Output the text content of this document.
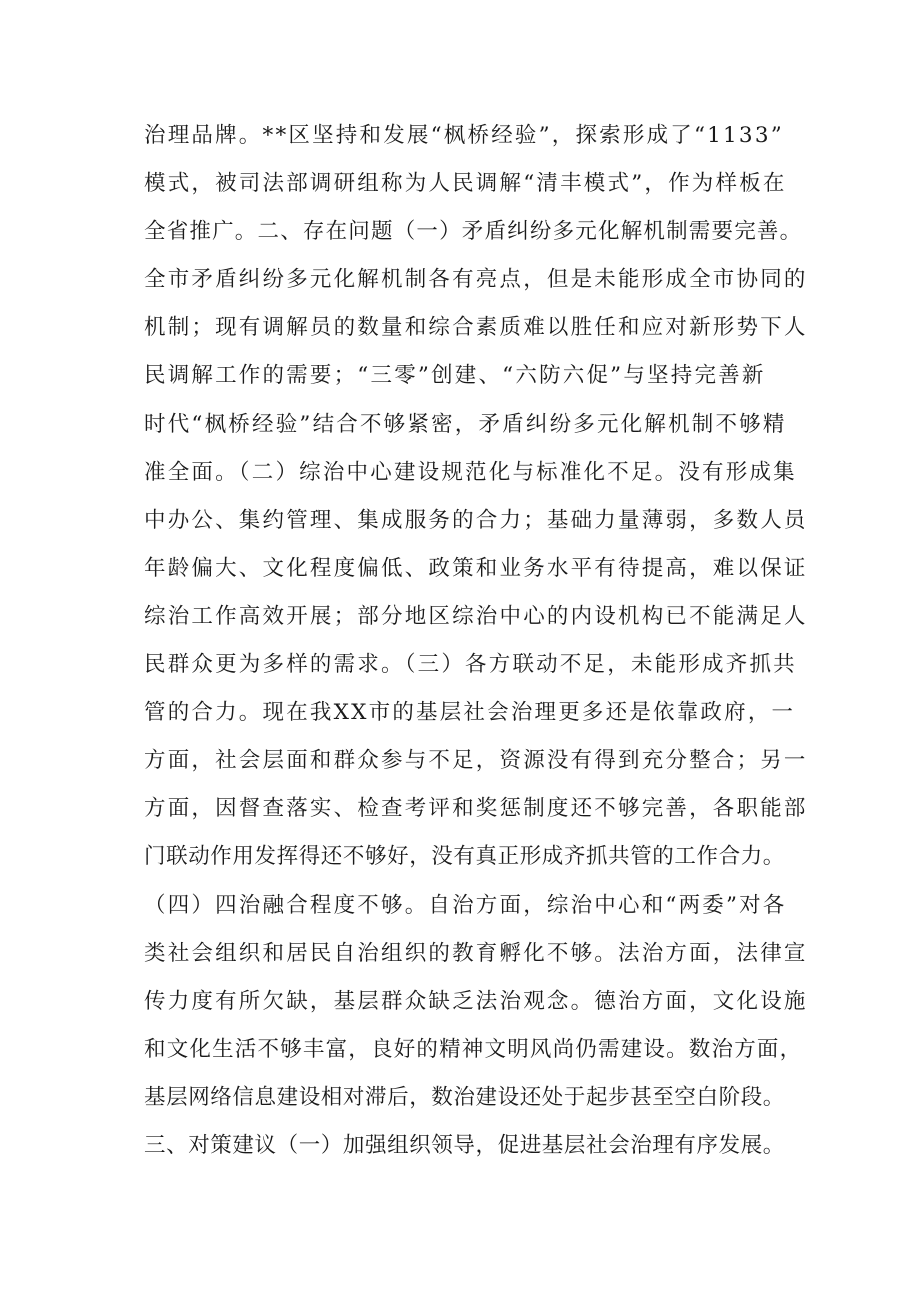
治理品牌。**区坚持和发展“枫桥经验”，探索形成了“1133”
模式，被司法部调研组称为人民调解“清丰模式”，作为样板在
全省推广。二、存在问题（一）矛盾纠纷多元化解机制需要完善。
全市矛盾纠纷多元化解机制各有亮点，但是未能形成全市协同的
机制；现有调解员的数量和综合素质难以胜任和应对新形势下人
民调解工作的需要；“三零”创建、“六防六促”与坚持完善新
时代“枫桥经验”结合不够紧密，矛盾纠纷多元化解机制不够精
准全面。（二）综治中心建设规范化与标准化不足。没有形成集
中办公、集约管理、集成服务的合力；基础力量薄弱，多数人员
年龄偏大、文化程度偏低、政策和业务水平有待提高，难以保证
综治工作高效开展；部分地区综治中心的内设机构已不能满足人
民群众更为多样的需求。（三）各方联动不足，未能形成齐抓共
管的合力。现在我XX市的基层社会治理更多还是依靠政府，一
方面，社会层面和群众参与不足，资源没有得到充分整合；另一
方面，因督查落实、检查考评和奖惩制度还不够完善，各职能部
门联动作用发挥得还不够好，没有真正形成齐抓共管的工作合力。
（四）四治融合程度不够。自治方面，综治中心和“两委”对各
类社会组织和居民自治组织的教育孵化不够。法治方面，法律宣
传力度有所欠缺，基层群众缺乏法治观念。德治方面，文化设施
和文化生活不够丰富，良好的精神文明风尚仍需建设。数治方面，
基层网络信息建设相对滞后，数治建设还处于起步甚至空白阶段。
三、对策建议（一）加强组织领导，促进基层社会治理有序发展。
